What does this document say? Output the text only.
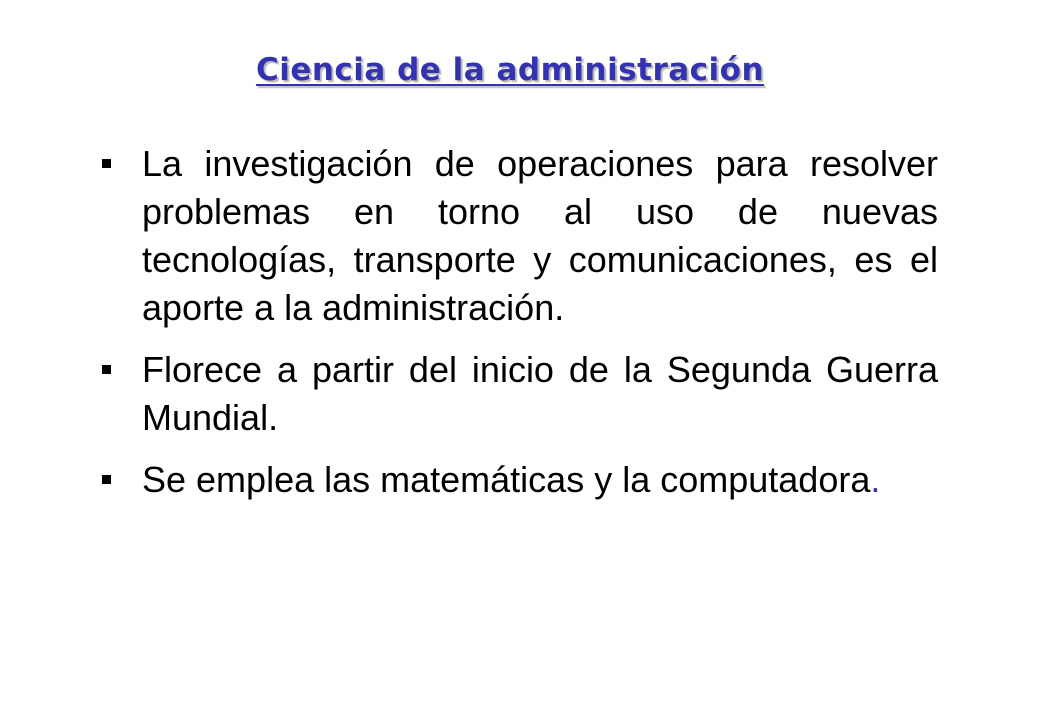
Ciencia de la administración
La investigación de operaciones para resolver problemas en torno al uso de nuevas tecnologías, transporte y comunicaciones, es el aporte a la administración.
Florece a partir del inicio de la Segunda Guerra Mundial.
Se emplea las matemáticas y la computadora.
